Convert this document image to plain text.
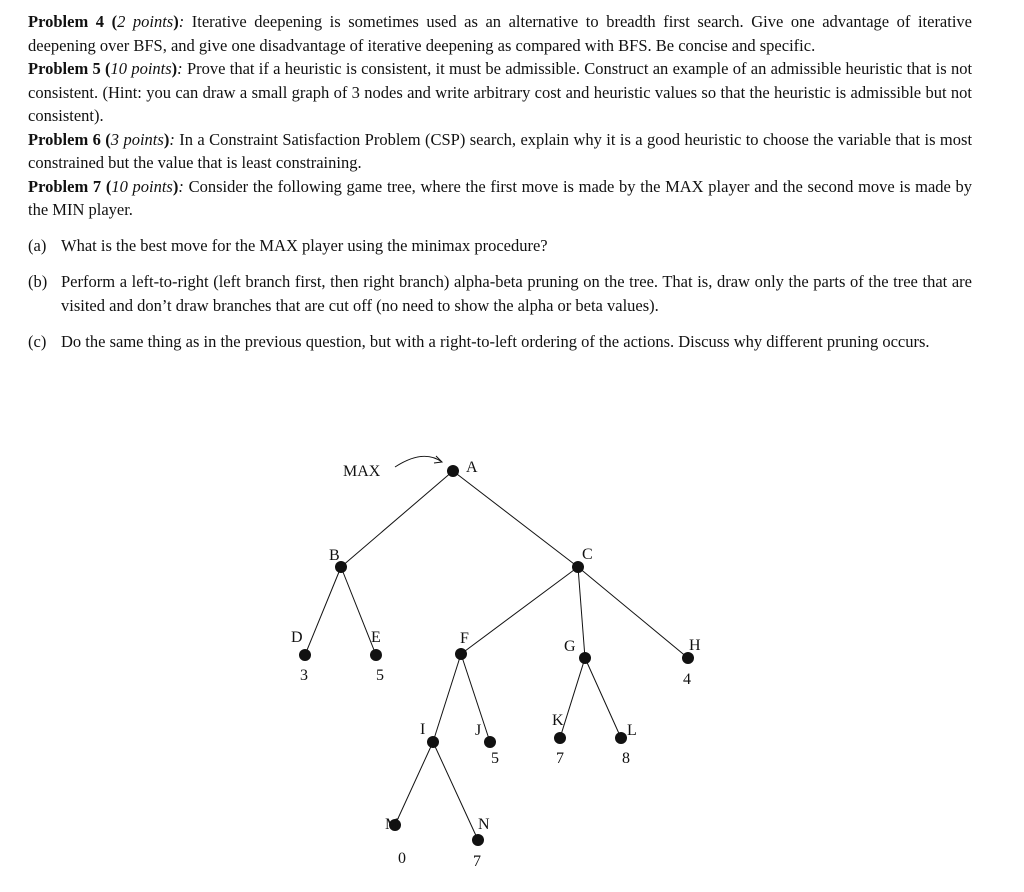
Problem 4 (2 points): Iterative deepening is sometimes used as an alternative to breadth first search. Give one advantage of iterative deepening over BFS, and give one disadvantage of iterative deepening as compared with BFS. Be concise and specific.

Problem 5 (10 points): Prove that if a heuristic is consistent, it must be admissible. Construct an example of an admissible heuristic that is not consistent. (Hint: you can draw a small graph of 3 nodes and write arbitrary cost and heuristic values so that the heuristic is admissible but not consistent).

Problem 6 (3 points): In a Constraint Satisfaction Problem (CSP) search, explain why it is a good heuristic to choose the variable that is most constrained but the value that is least constraining.

Problem 7 (10 points): Consider the following game tree, where the first move is made by the MAX player and the second move is made by the MIN player.

(a) What is the best move for the MAX player using the minimax procedure?
(b) Perform a left-to-right (left branch first, then right branch) alpha-beta pruning on the tree. That is, draw only the parts of the tree that are visited and don’t draw branches that are cut off (no need to show the alpha or beta values).
(c) Do the same thing as in the previous question, but with a right-to-left ordering of the actions. Discuss why different pruning occurs.
MAX	A
B	C
D	E	F	G	H
I	J
K
L
M	N
3	5	4
5	7	8
0	7
